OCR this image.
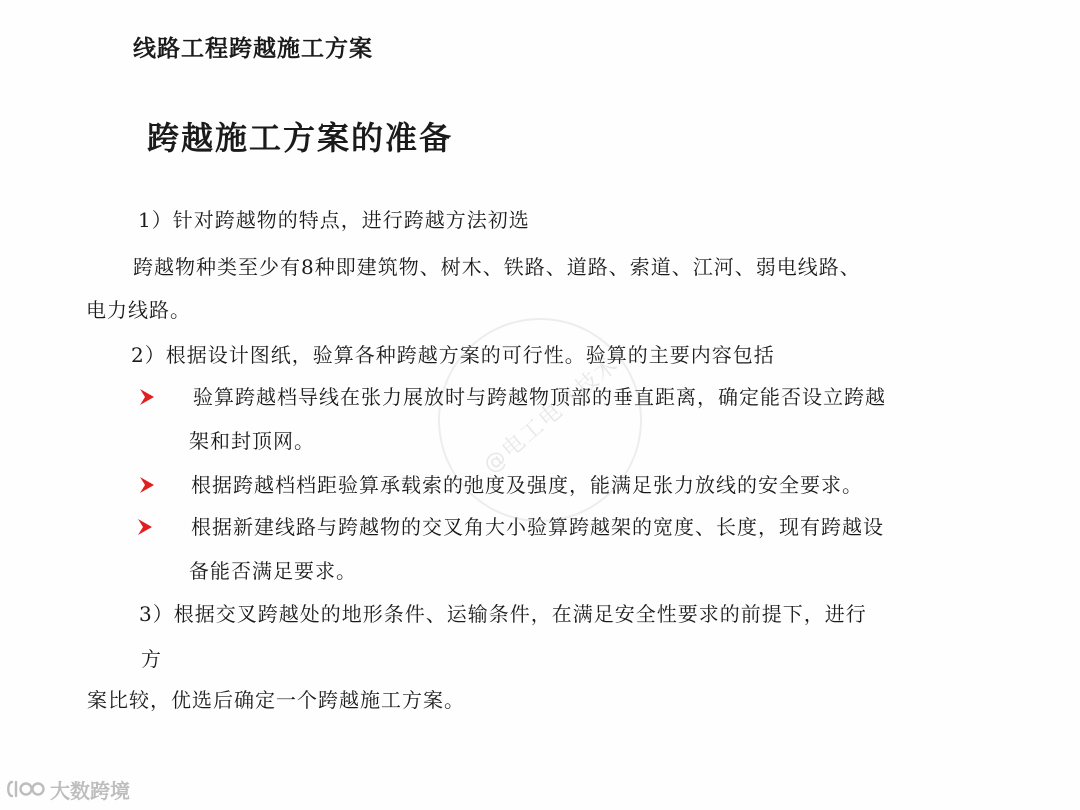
线路工程跨越施工方案
跨越施工方案的准备
1）针对跨越物的特点，进行跨越方法初选
跨越物种类至少有8种即建筑物、树木、铁路、道路、索道、江河、弱电线路、
电力线路。
2）根据设计图纸，验算各种跨越方案的可行性。验算的主要内容包括
验算跨越档导线在张力展放时与跨越物顶部的垂直距离，确定能否设立跨越
架和封顶网。
根据跨越档档距验算承载索的弛度及强度，能满足张力放线的安全要求。
根据新建线路与跨越物的交叉角大小验算跨越架的宽度、长度，现有跨越设
备能否满足要求。
3）根据交叉跨越处的地形条件、运输条件，在满足安全性要求的前提下，进行
方
案比较，优选后确定一个跨越施工方案。
@电工电气技术
大数跨境
